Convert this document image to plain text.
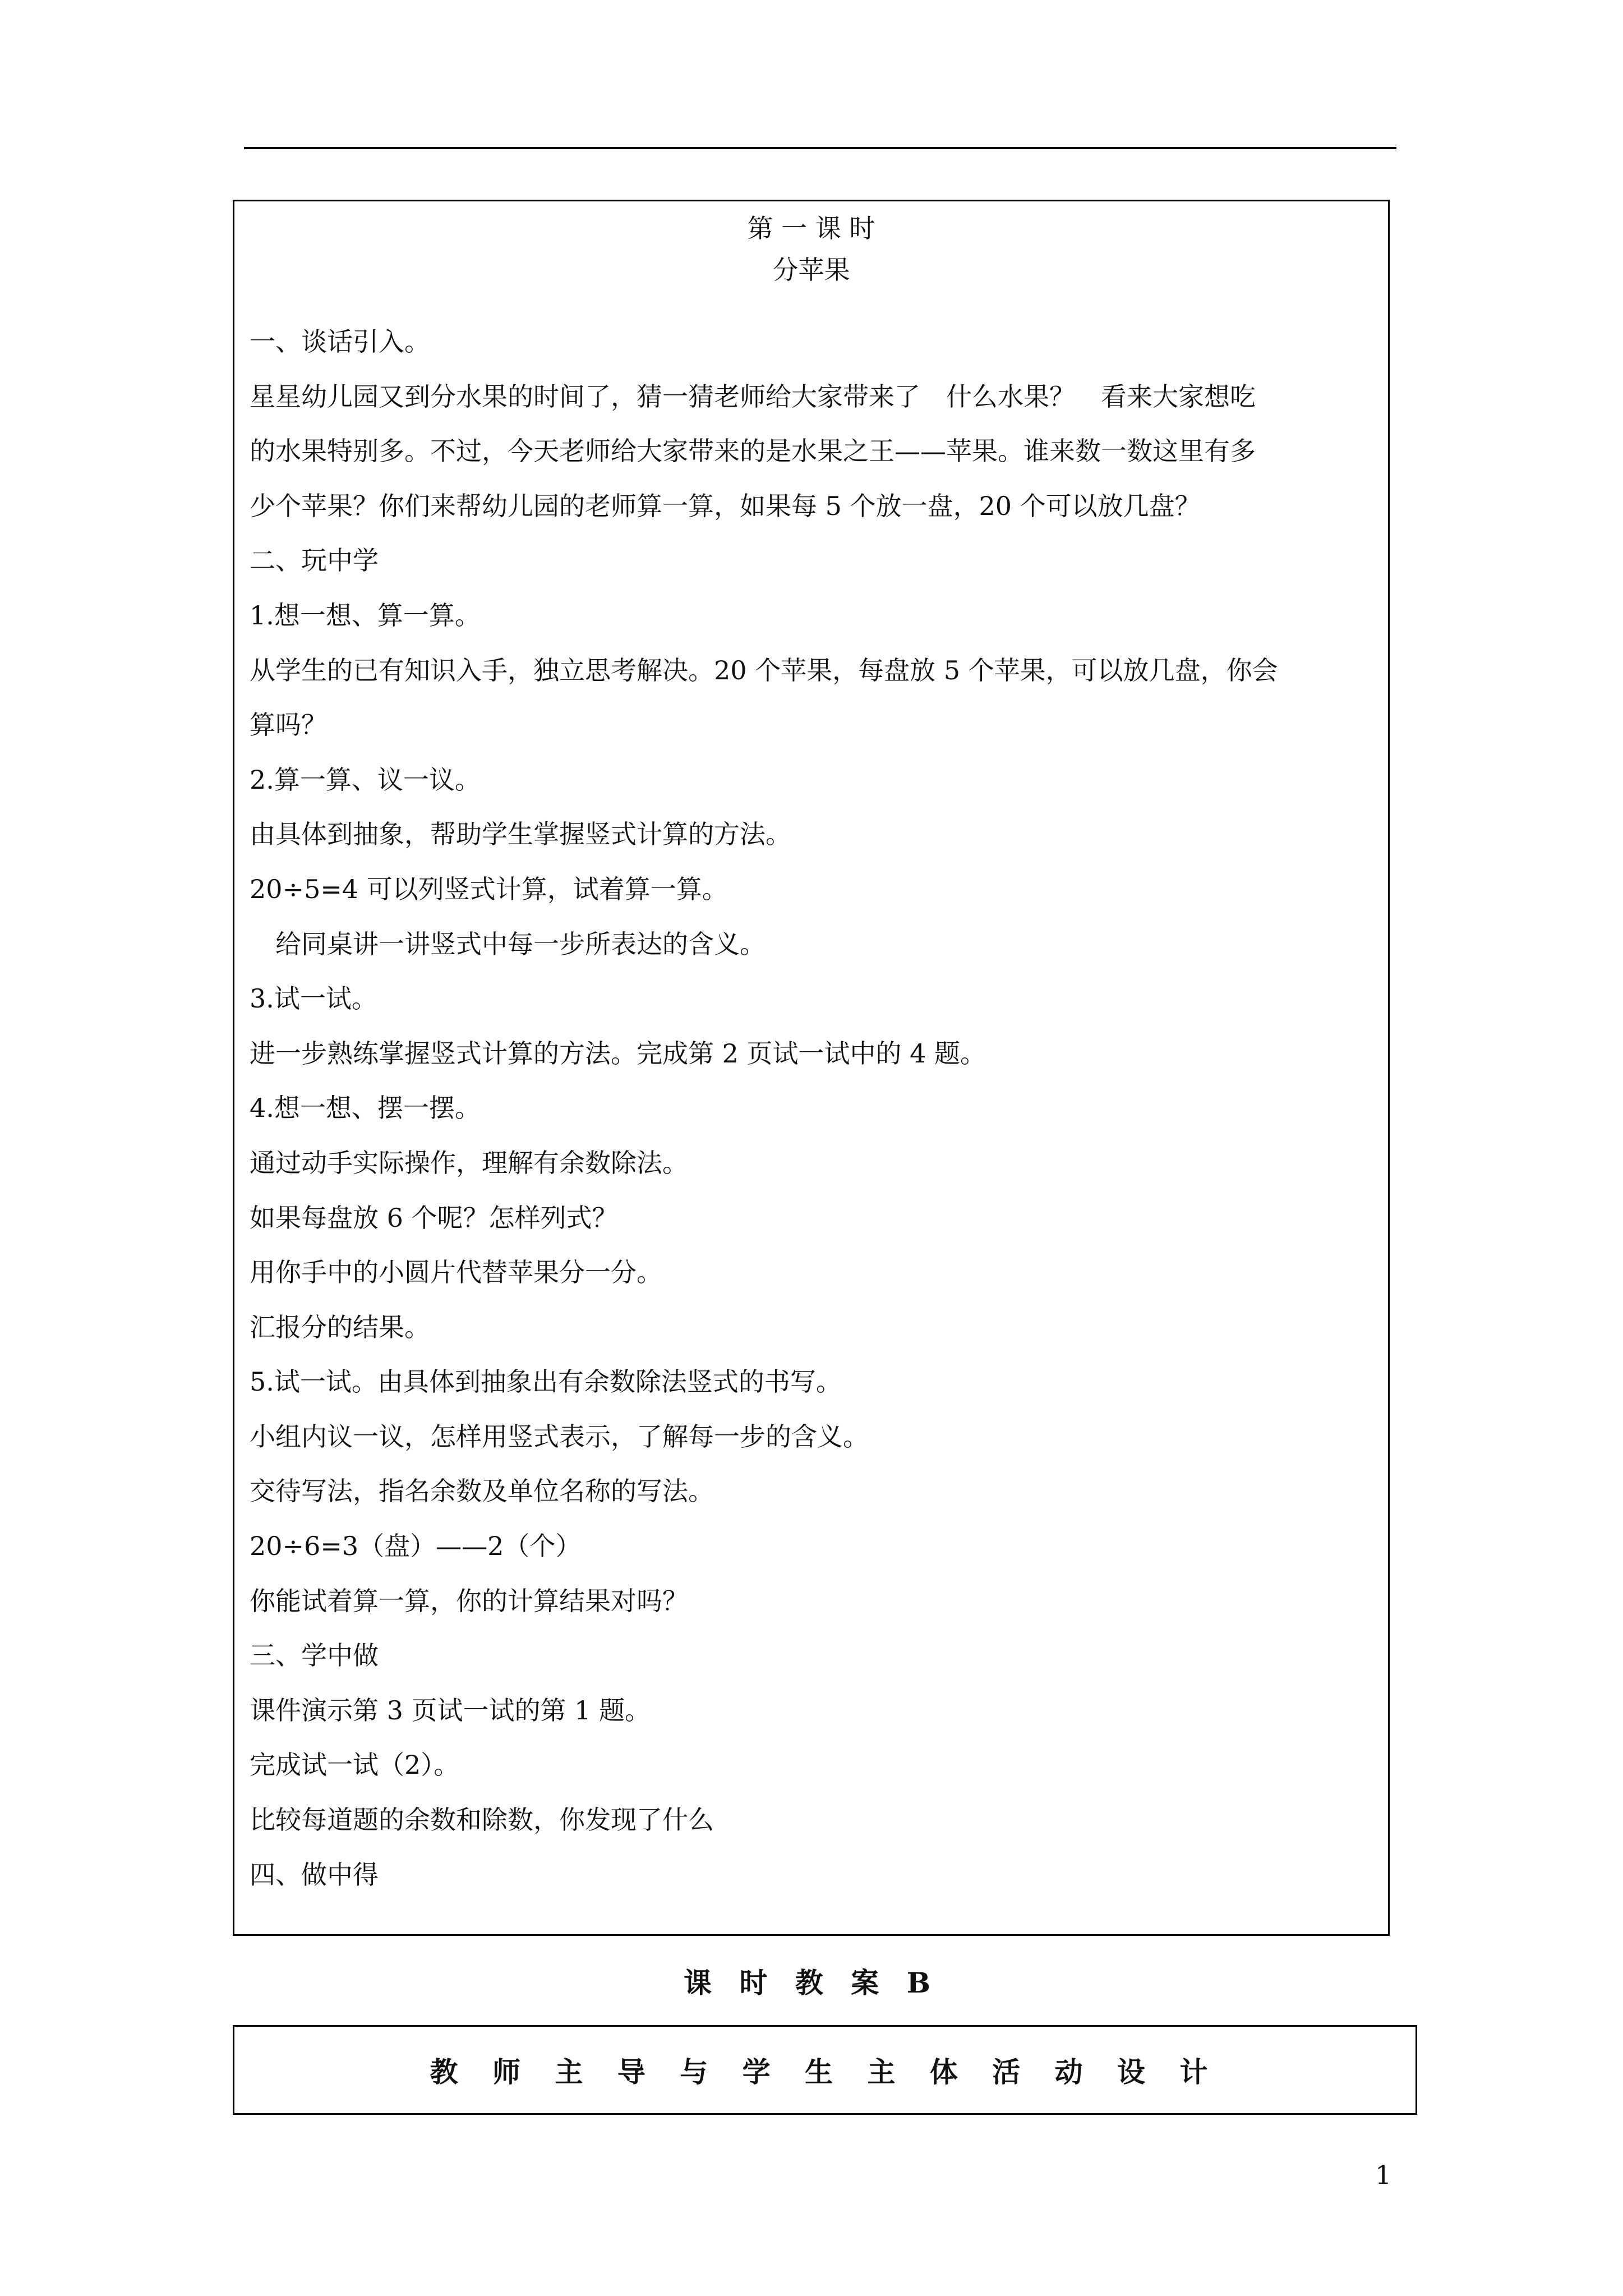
第 一 课 时
分苹果
一、谈话引入。
星星幼儿园又到分水果的时间了，猜一猜老师给大家带来了　什么水果？　看来大家想吃
的水果特别多。不过，今天老师给大家带来的是水果之王——苹果。谁来数一数这里有多
少个苹果？你们来帮幼儿园的老师算一算，如果每 5 个放一盘，20 个可以放几盘？
二、玩中学
1.想一想、算一算。
从学生的已有知识入手，独立思考解决。20 个苹果，每盘放 5 个苹果，可以放几盘，你会
算吗？
2.算一算、议一议。
由具体到抽象，帮助学生掌握竖式计算的方法。
20÷5=4 可以列竖式计算，试着算一算。
　给同桌讲一讲竖式中每一步所表达的含义。
3.试一试。
进一步熟练掌握竖式计算的方法。完成第 2 页试一试中的 4 题。
4.想一想、摆一摆。
通过动手实际操作，理解有余数除法。
如果每盘放 6 个呢？怎样列式？
用你手中的小圆片代替苹果分一分。
汇报分的结果。
5.试一试。由具体到抽象出有余数除法竖式的书写。
小组内议一议，怎样用竖式表示，了解每一步的含义。
交待写法，指名余数及单位名称的写法。
20÷6=3（盘）——2（个）
你能试着算一算，你的计算结果对吗？
三、学中做
课件演示第 3 页试一试的第 1 题。
完成试一试（2）。
比较每道题的余数和除数，你发现了什么
四、做中得
课 时 教 案 B
教 师 主 导 与 学 生 主 体 活 动 设 计
1
